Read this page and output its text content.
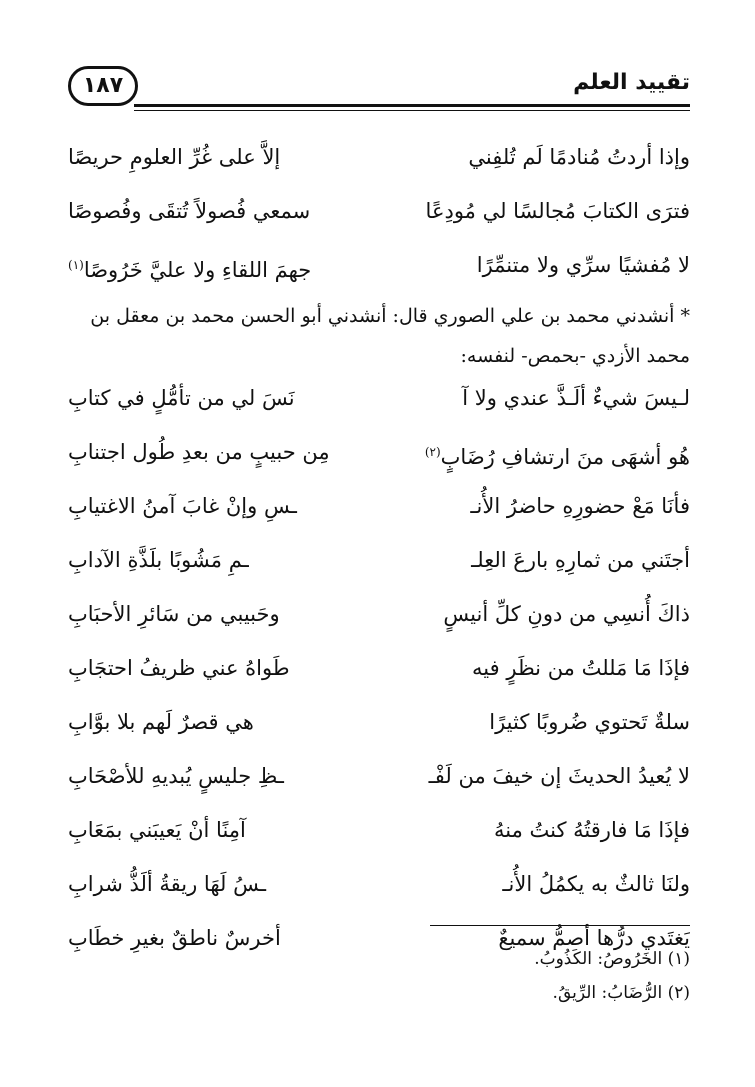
تقييد العلم
١٨٧
وإذا أردتُ مُنادمًا لَم تُلفِني
إلاَّ على غُرِّ العلومِ حريصًا
فترَى الكتابَ مُجالسًا لي مُودِعًا
سمعي فُصولاً تُتقَى وفُصوصًا
لا مُفشيًا سرِّي ولا متنمِّرًا
جهمَ اللقاءِ ولا عليَّ خَرُوصًا$^{(١)}$
* أنشدني محمد بن علي الصوري قال: أنشدني أبو الحسن محمد بن معقل بن
محمد الأزدي -بحمص- لنفسه:
لـيسَ شيءٌ ألَـذَّ عندي ولا آ
نَسَ لي من تأمُّلٍ في كتابِ
هُو أشهَى منَ ارتشافِ رُضَابٍ$^{(٢)}$
مِن حبيبٍ من بعدِ طُول اجتنابِ
فأنَا مَعْ حضورِهِ حاضرُ الأُنـ
ـسِ وإنْ غابَ آمنُ الاغتيابِ
أجتَني من ثمارِهِ بارعَ العِلـ
ـمِ مَشُوبًا بلَذَّةِ الآدابِ
ذاكَ أُنسِي من دونِ كلِّ أنيسٍ
وحَبيبي من سَائرِ الأحبَابِ
فإذَا مَا مَللتُ من نظَرٍ فيه
طَواهُ عني ظريفُ احتجَابِ
سلةٌ تَحتوي ضُروبًا كثيرًا
هي قصرٌ لَهم بلا بوَّابِ
لا يُعيدُ الحديثَ إن خيفَ من لَفْـ
ـظِ جليسٍ يُبديهِ للأصْحَابِ
فإذَا مَا فارقتُهُ كنتُ منهُ
آمِنًا أنْ يَعيبَني بمَعَابِ
ولنَا ثالثٌ به يكمُلُ الأُنـ
ـسُ لَهَا ريقةُ ألَذُّ شرابِ
يَغتَدي درُّها أصمُّ سميعٌ
أخرسٌ ناطقٌ بغيرِ خطَابِ
(١) الخَرُوصُ: الكَذُوبُ.
(٢) الرُّضَابُ: الرِّيقُ.
